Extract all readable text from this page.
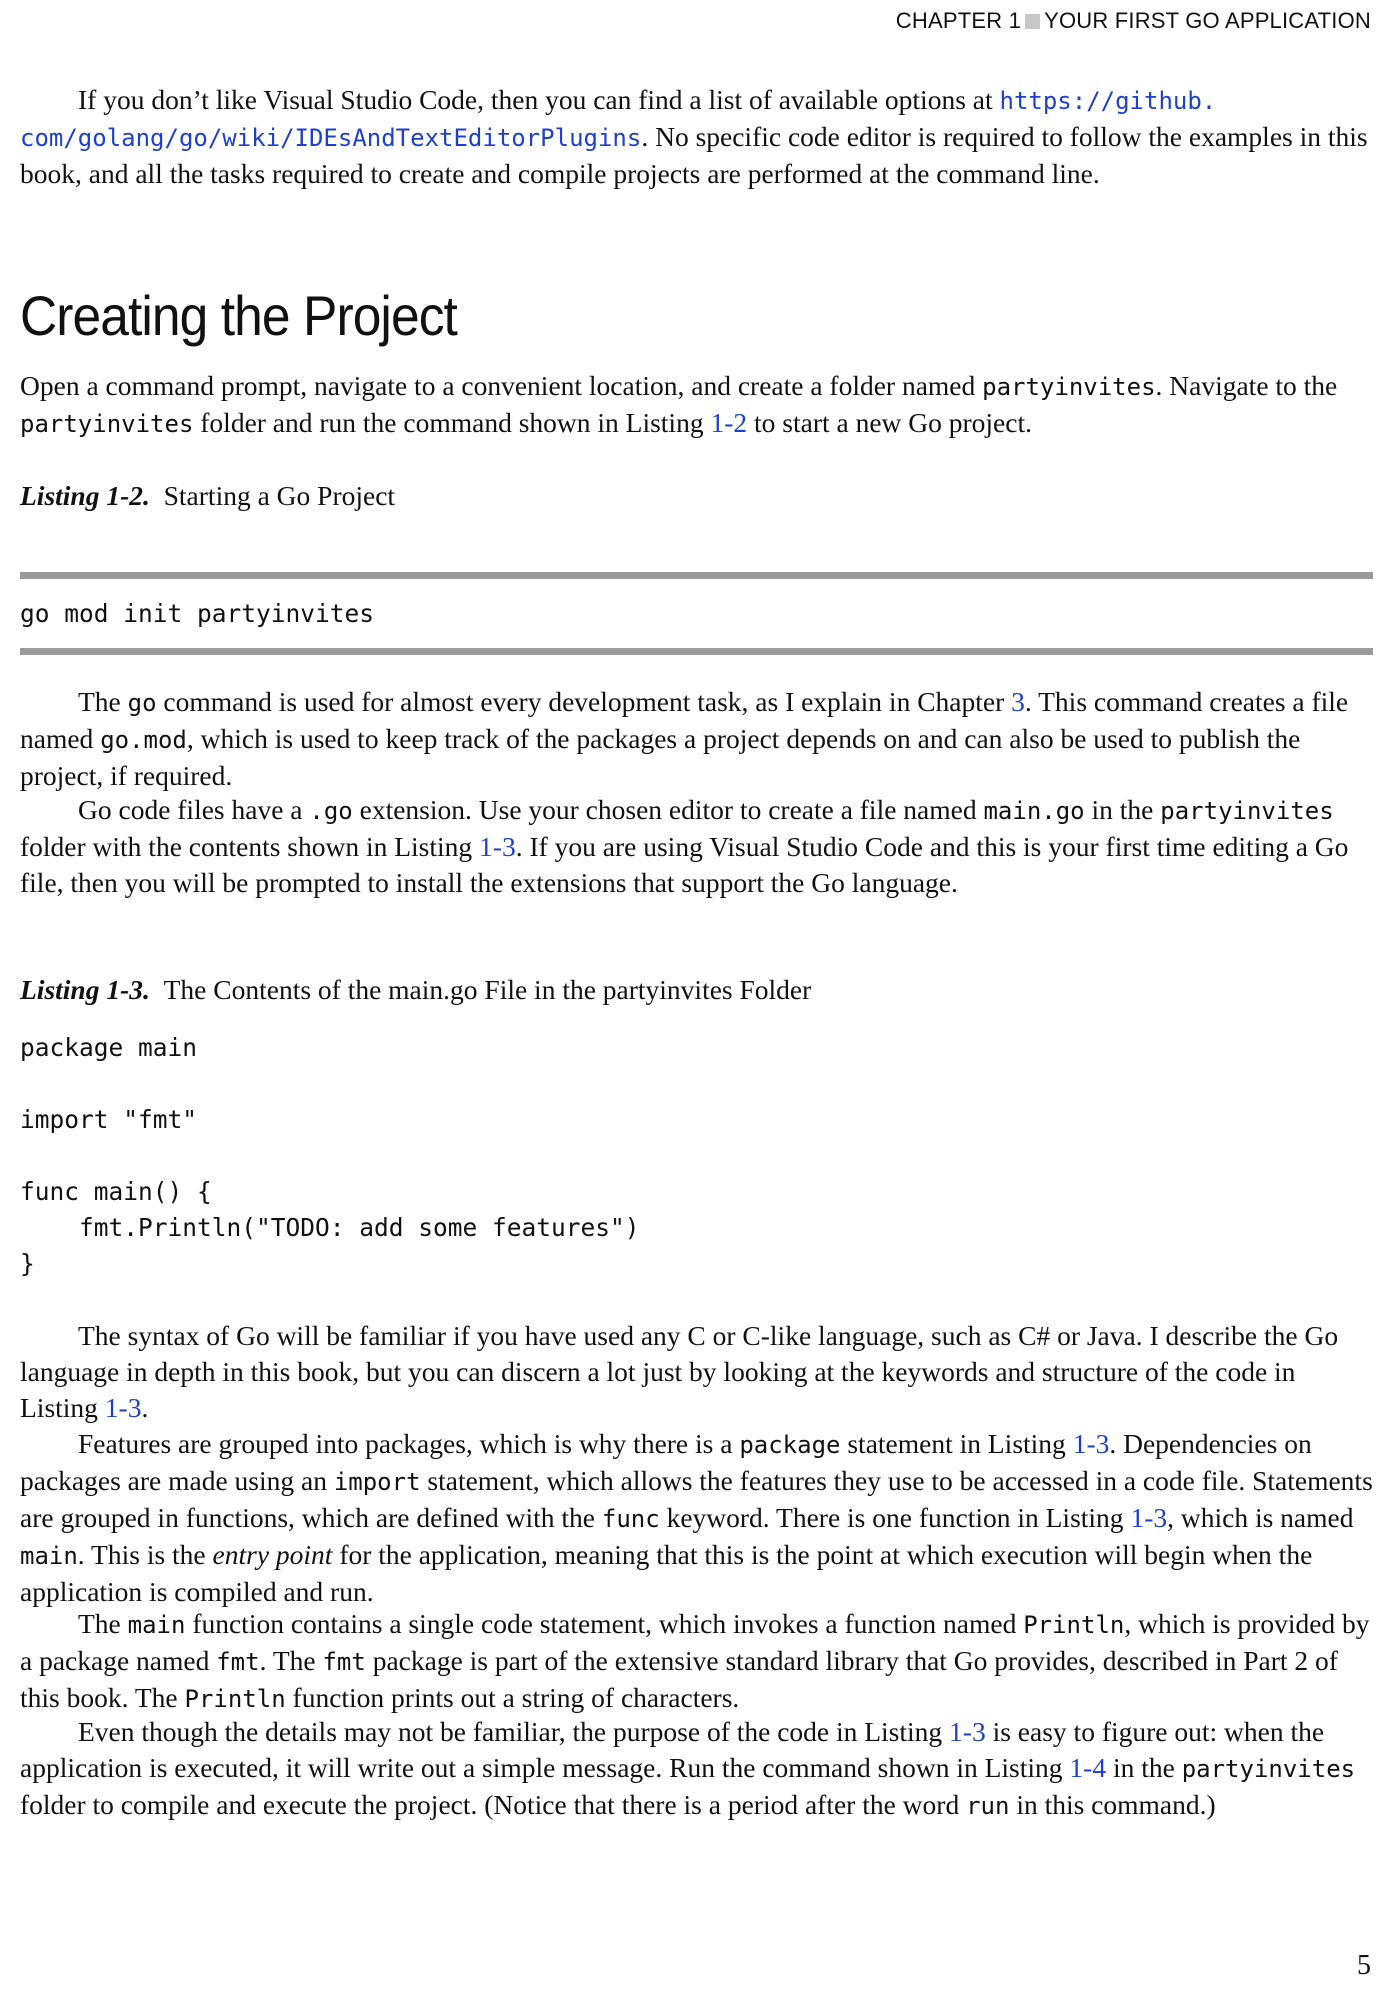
CHAPTER 1 YOUR FIRST GO APPLICATION

If you don’t like Visual Studio Code, then you can find a list of available options at https://github.
com/golang/go/wiki/IDEsAndTextEditorPlugins. No specific code editor is required to follow the examples in this book, and all the tasks required to create and compile projects are performed at the command line.

Creating the Project

Open a command prompt, navigate to a convenient location, and create a folder named partyinvites. Navigate to the partyinvites folder and run the command shown in Listing 1-2 to start a new Go project.

Listing 1-2. Starting a Go Project

go mod init partyinvites

The go command is used for almost every development task, as I explain in Chapter 3. This command creates a file named go.mod, which is used to keep track of the packages a project depends on and can also be used to publish the project, if required.

Go code files have a .go extension. Use your chosen editor to create a file named main.go in the partyinvites folder with the contents shown in Listing 1-3. If you are using Visual Studio Code and this is your first time editing a Go file, then you will be prompted to install the extensions that support the Go language.

Listing 1-3. The Contents of the main.go File in the partyinvites Folder

package main

import "fmt"

func main() {
fmt.Println("TODO: add some features")
}

The syntax of Go will be familiar if you have used any C or C-like language, such as C# or Java. I describe the Go language in depth in this book, but you can discern a lot just by looking at the keywords and structure of the code in Listing 1-3.

Features are grouped into packages, which is why there is a package statement in Listing 1-3. Dependencies on packages are made using an import statement, which allows the features they use to be accessed in a code file. Statements are grouped in functions, which are defined with the func keyword. There is one function in Listing 1-3, which is named main. This is the entry point for the application, meaning that this is the point at which execution will begin when the application is compiled and run.

The main function contains a single code statement, which invokes a function named Println, which is provided by a package named fmt. The fmt package is part of the extensive standard library that Go provides, described in Part 2 of this book. The Println function prints out a string of characters.

Even though the details may not be familiar, the purpose of the code in Listing 1-3 is easy to figure out: when the application is executed, it will write out a simple message. Run the command shown in Listing 1-4 in the partyinvites folder to compile and execute the project. (Notice that there is a period after the word run in this command.)

5
